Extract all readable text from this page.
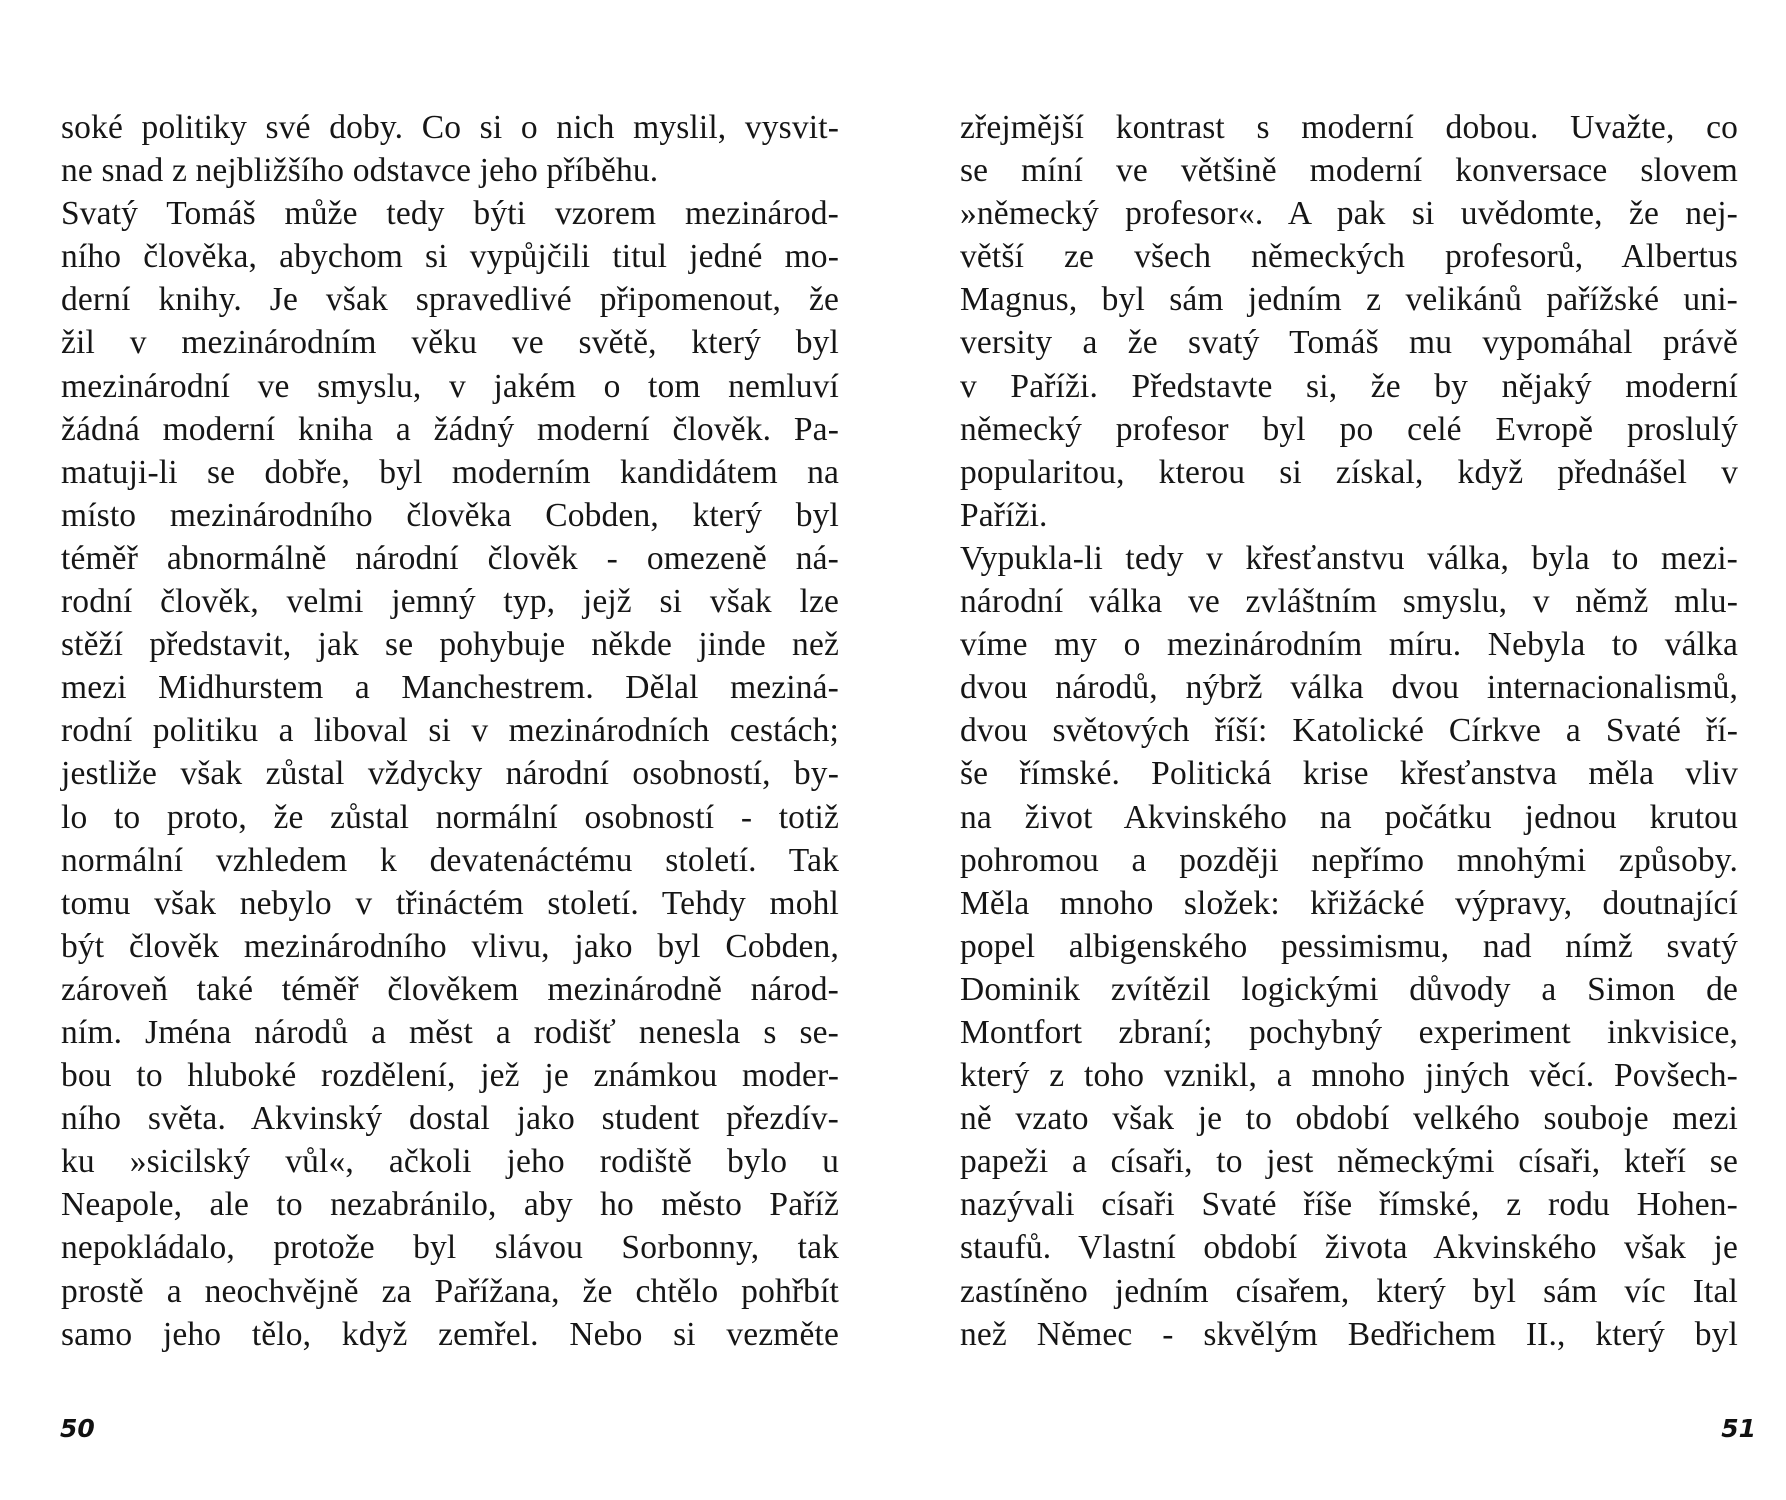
soké politiky své doby. Co si o nich myslil, vysvit-
ne snad z nejbližšího odstavce jeho příběhu.
Svatý Tomáš může tedy býti vzorem mezinárod-
ního člověka, abychom si vypůjčili titul jedné mo-
derní knihy. Je však spravedlivé připomenout, že
žil v mezinárodním věku ve světě, který byl
mezinárodní ve smyslu, v jakém o tom nemluví
žádná moderní kniha a žádný moderní člověk. Pa-
matuji-li se dobře, byl moderním kandidátem na
místo mezinárodního člověka Cobden, který byl
téměř abnormálně národní člověk - omezeně ná-
rodní člověk, velmi jemný typ, jejž si však lze
stěží představit, jak se pohybuje někde jinde než
mezi Midhurstem a Manchestrem. Dělal meziná-
rodní politiku a liboval si v mezinárodních cestách;
jestliže však zůstal vždycky národní osobností, by-
lo to proto, že zůstal normální osobností - totiž
normální vzhledem k devatenáctému století. Tak
tomu však nebylo v třináctém století. Tehdy mohl
být člověk mezinárodního vlivu, jako byl Cobden,
zároveň také téměř člověkem mezinárodně národ-
ním. Jména národů a měst a rodišť nenesla s se-
bou to hluboké rozdělení, jež je známkou moder-
ního světa. Akvinský dostal jako student přezdív-
ku »sicilský vůl«, ačkoli jeho rodiště bylo u
Neapole, ale to nezabránilo, aby ho město Paříž
nepokládalo, protože byl slávou Sorbonny, tak
prostě a neochvějně za Pařížana, že chtělo pohřbít
samo jeho tělo, když zemřel. Nebo si vezměte
50
zřejmější kontrast s moderní dobou. Uvažte, co
se míní ve většině moderní konversace slovem
»německý profesor«. A pak si uvědomte, že nej-
větší ze všech německých profesorů, Albertus
Magnus, byl sám jedním z velikánů pařížské uni-
versity a že svatý Tomáš mu vypomáhal právě
v Paříži. Představte si, že by nějaký moderní
německý profesor byl po celé Evropě proslulý
popularitou, kterou si získal, když přednášel v
Paříži.
Vypukla-li tedy v křesťanstvu válka, byla to mezi-
národní válka ve zvláštním smyslu, v němž mlu-
víme my o mezinárodním míru. Nebyla to válka
dvou národů, nýbrž válka dvou internacionalismů,
dvou světových říší: Katolické Církve a Svaté ří-
še římské. Politická krise křesťanstva měla vliv
na život Akvinského na počátku jednou krutou
pohromou a později nepřímo mnohými způsoby.
Měla mnoho složek: křižácké výpravy, doutnající
popel albigenského pessimismu, nad nímž svatý
Dominik zvítězil logickými důvody a Simon de
Montfort zbraní; pochybný experiment inkvisice,
který z toho vznikl, a mnoho jiných věcí. Povšech-
ně vzato však je to období velkého souboje mezi
papeži a císaři, to jest německými císaři, kteří se
nazývali císaři Svaté říše římské, z rodu Hohen-
staufů. Vlastní období života Akvinského však je
zastíněno jedním císařem, který byl sám víc Ital
než Němec - skvělým Bedřichem II., který byl
51
